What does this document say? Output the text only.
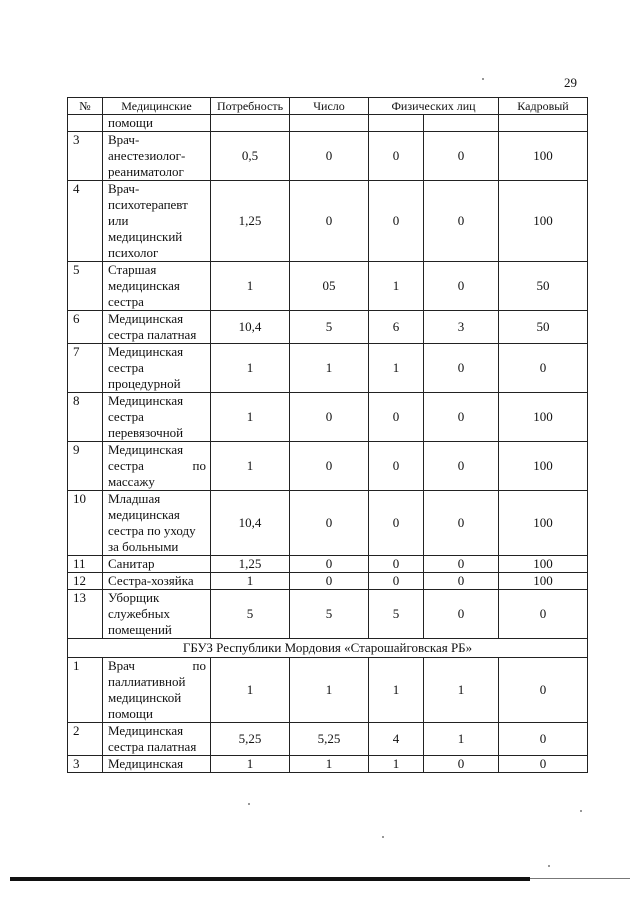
29
№	Медицинские	Потребность	Число	Физических лиц		Кадровый
	помощи					
3	Врач-
анестезиолог-
реаниматолог	0,5	0	0	0	100
4	Врач-
психотерапевт
или
медицинский
психолог	1,25	0	0	0	100
5	Старшая
медицинская
сестра	1	05	1	0	50
6	Медицинская
сестра палатная	10,4	5	6	3	50
7	Медицинская
сестра
процедурной	1	1	1	0	0
8	Медицинская
сестра
перевязочной	1	0	0	0	100
9	Медицинская
сестра по
массажу	1	0	0	0	100
10	Младшая
медицинская
сестра по уходу
за больными	10,4	0	0	0	100
11	Санитар	1,25	0	0	0	100
12	Сестра-хозяйка	1	0	0	0	100
13	Уборщик
служебных
помещений	5	5	5	0	0
ГБУЗ Республики Мордовия «Старошайговская РБ»						
1	Врач по
паллиативной
медицинской
помощи	1	1	1	1	0
2	Медицинская
сестра палатная	5,25	5,25	4	1	0
3	Медицинская	1	1	1	0	0
